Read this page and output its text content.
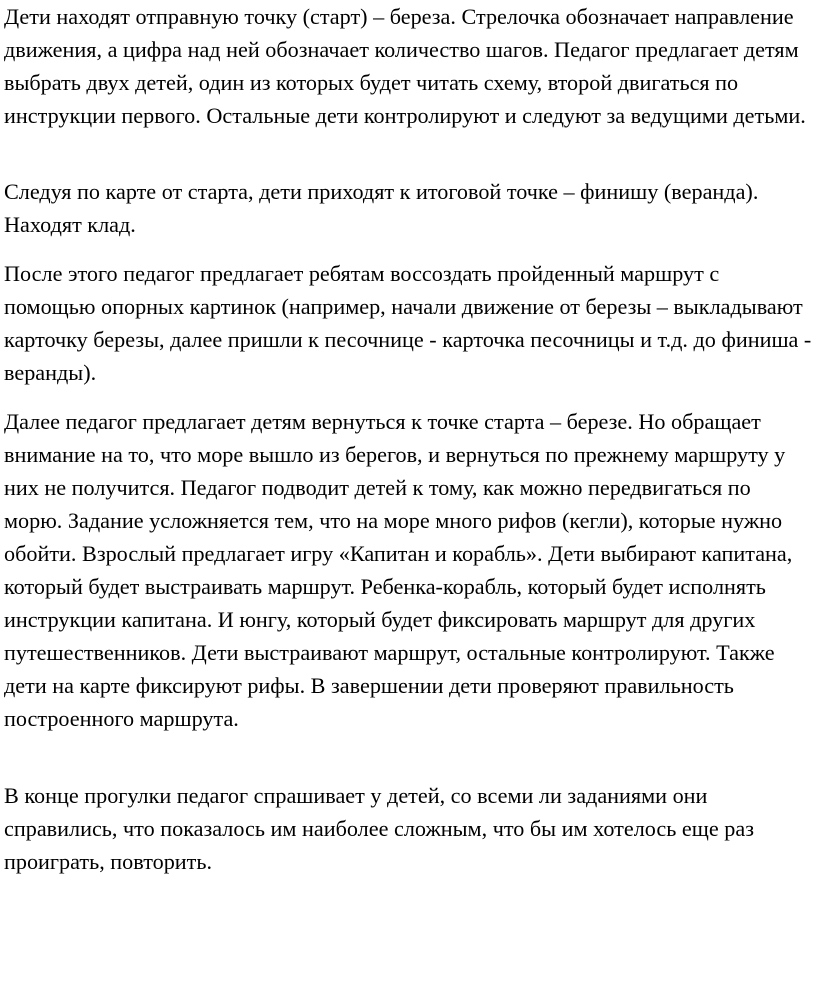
Дети находят отправную точку (старт) – береза. Стрелочка обозначает направление движения, а цифра над ней обозначает количество шагов. Педагог предлагает детям выбрать двух детей, один из которых будет читать схему, второй двигаться по инструкции первого. Остальные дети контролируют и следуют за ведущими детьми.

Следуя по карте от старта, дети приходят к итоговой точке – финишу (веранда). Находят клад.

После этого педагог предлагает ребятам воссоздать пройденный маршрут с помощью опорных картинок (например, начали движение от березы – выкладывают карточку березы, далее пришли к песочнице - карточка песочницы и т.д. до финиша - веранды).

Далее педагог предлагает детям вернуться к точке старта – березе. Но обращает внимание на то, что море вышло из берегов, и вернуться по прежнему маршруту у них не получится. Педагог подводит детей к тому, как можно передвигаться по морю. Задание усложняется тем, что на море много рифов (кегли), которые нужно обойти. Взрослый предлагает игру «Капитан и корабль». Дети выбирают капитана, который будет выстраивать маршрут. Ребенка-корабль, который будет исполнять инструкции капитана. И юнгу, который будет фиксировать маршрут для других путешественников. Дети выстраивают маршрут, остальные контролируют. Также дети на карте фиксируют рифы. В завершении дети проверяют правильность построенного маршрута.

В конце прогулки педагог спрашивает у детей, со всеми ли заданиями они справились, что показалось им наиболее сложным, что бы им хотелось еще раз проиграть, повторить.
